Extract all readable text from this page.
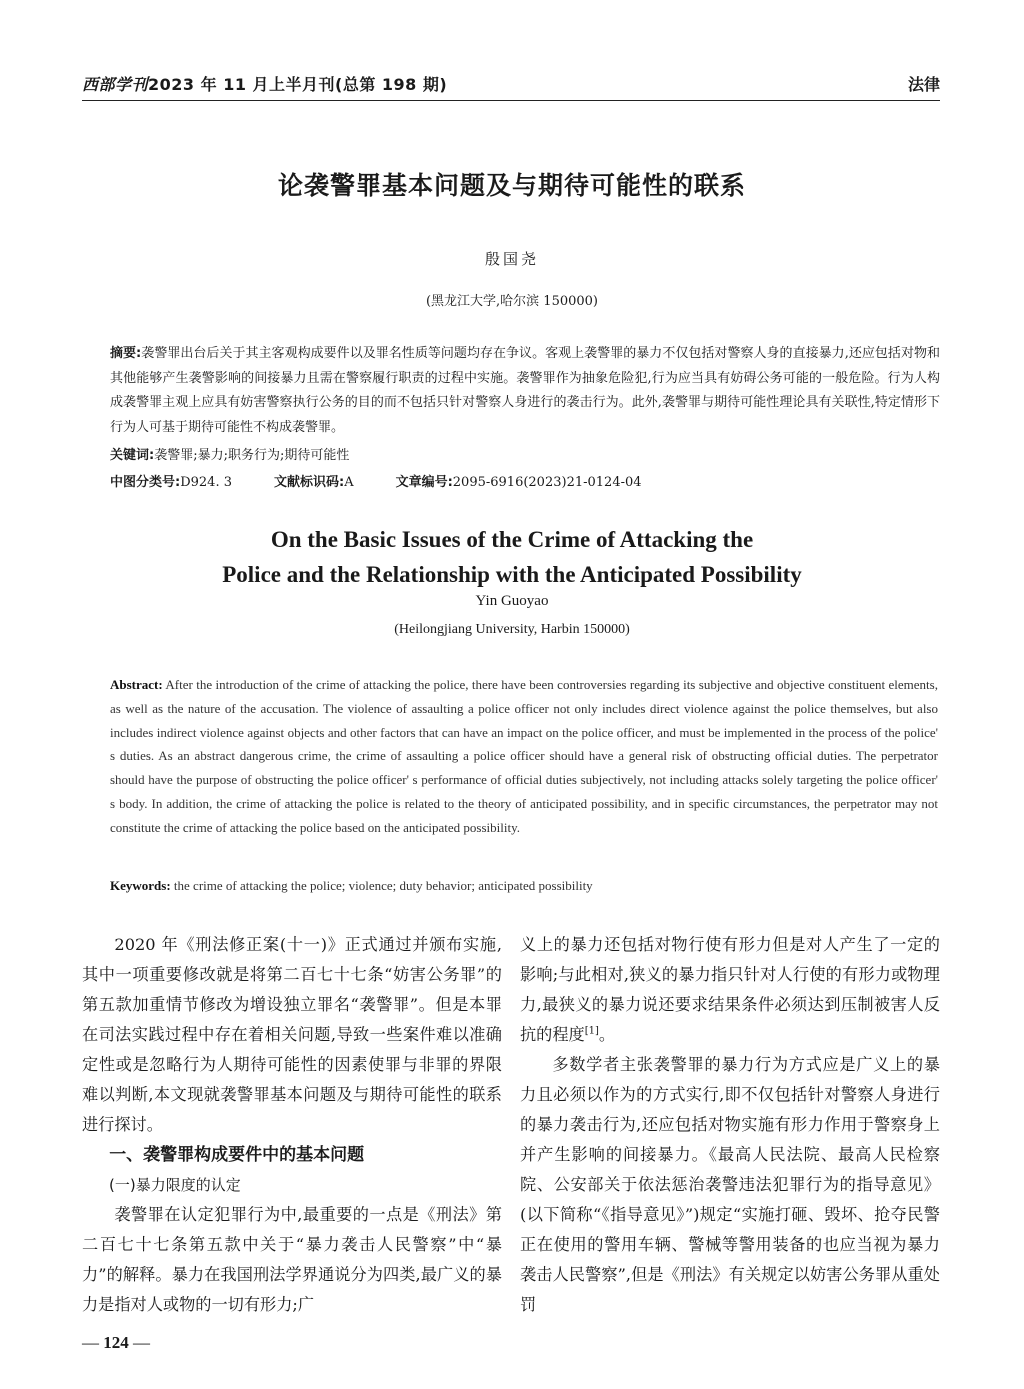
西部学刊2023 年 11 月上半月刊(总第 198 期)	法律
论袭警罪基本问题及与期待可能性的联系
殷国尧
(黑龙江大学,哈尔滨 150000)
摘要:袭警罪出台后关于其主客观构成要件以及罪名性质等问题均存在争议。客观上袭警罪的暴力不仅包括对警察人身的直接暴力,还应包括对物和其他能够产生袭警影响的间接暴力且需在警察履行职责的过程中实施。袭警罪作为抽象危险犯,行为应当具有妨碍公务可能的一般危险。行为人构成袭警罪主观上应具有妨害警察执行公务的目的而不包括只针对警察人身进行的袭击行为。此外,袭警罪与期待可能性理论具有关联性,特定情形下行为人可基于期待可能性不构成袭警罪。
关键词:袭警罪;暴力;职务行为;期待可能性
中图分类号:D924. 3	文献标识码:A	文章编号:2095-6916(2023)21-0124-04
On the Basic Issues of the Crime of Attacking the
Police and the Relationship with the Anticipated Possibility
Yin Guoyao
(Heilongjiang University, Harbin 150000)
Abstract: After the introduction of the crime of attacking the police, there have been controversies regarding its subjective and objective constituent elements, as well as the nature of the accusation. The violence of assaulting a police officer not only includes direct violence against the police themselves, but also includes indirect violence against objects and other factors that can have an impact on the police officer, and must be implemented in the process of the police' s duties. As an abstract dangerous crime, the crime of assaulting a police officer should have a general risk of obstructing official duties. The perpetrator should have the purpose of obstructing the police officer' s performance of official duties subjectively, not including attacks solely targeting the police officer' s body. In addition, the crime of attacking the police is related to the theory of anticipated possibility, and in specific circumstances, the perpetrator may not constitute the crime of attacking the police based on the anticipated possibility.
Keywords: the crime of attacking the police; violence; duty behavior; anticipated possibility

2020 年《刑法修正案(十一)》正式通过并颁布实施,其中一项重要修改就是将第二百七十七条“妨害公务罪”的第五款加重情节修改为增设独立罪名“袭警罪”。但是本罪在司法实践过程中存在着相关问题,导致一些案件难以准确定性或是忽略行为人期待可能性的因素使罪与非罪的界限难以判断,本文现就袭警罪基本问题及与期待可能性的联系进行探讨。

一、袭警罪构成要件中的基本问题
(一)暴力限度的认定

袭警罪在认定犯罪行为中,最重要的一点是《刑法》第二百七十七条第五款中关于“暴力袭击人民警察”中“暴力”的解释。暴力在我国刑法学界通说分为四类,最广义的暴力是指对人或物的一切有形力;广

义上的暴力还包括对物行使有形力但是对人产生了一定的影响;与此相对,狭义的暴力指只针对人行使的有形力或物理力,最狭义的暴力说还要求结果条件必须达到压制被害人反抗的程度[1]。

多数学者主张袭警罪的暴力行为方式应是广义上的暴力且必须以作为的方式实行,即不仅包括针对警察人身进行的暴力袭击行为,还应包括对物实施有形力作用于警察身上并产生影响的间接暴力。《最高人民法院、最高人民检察院、公安部关于依法惩治袭警违法犯罪行为的指导意见》(以下简称“《指导意见》”)规定“实施打砸、毁坏、抢夺民警正在使用的警用车辆、警械等警用装备的也应当视为暴力袭击人民警察”,但是《刑法》有关规定以妨害公务罪从重处罚

— 124 —
